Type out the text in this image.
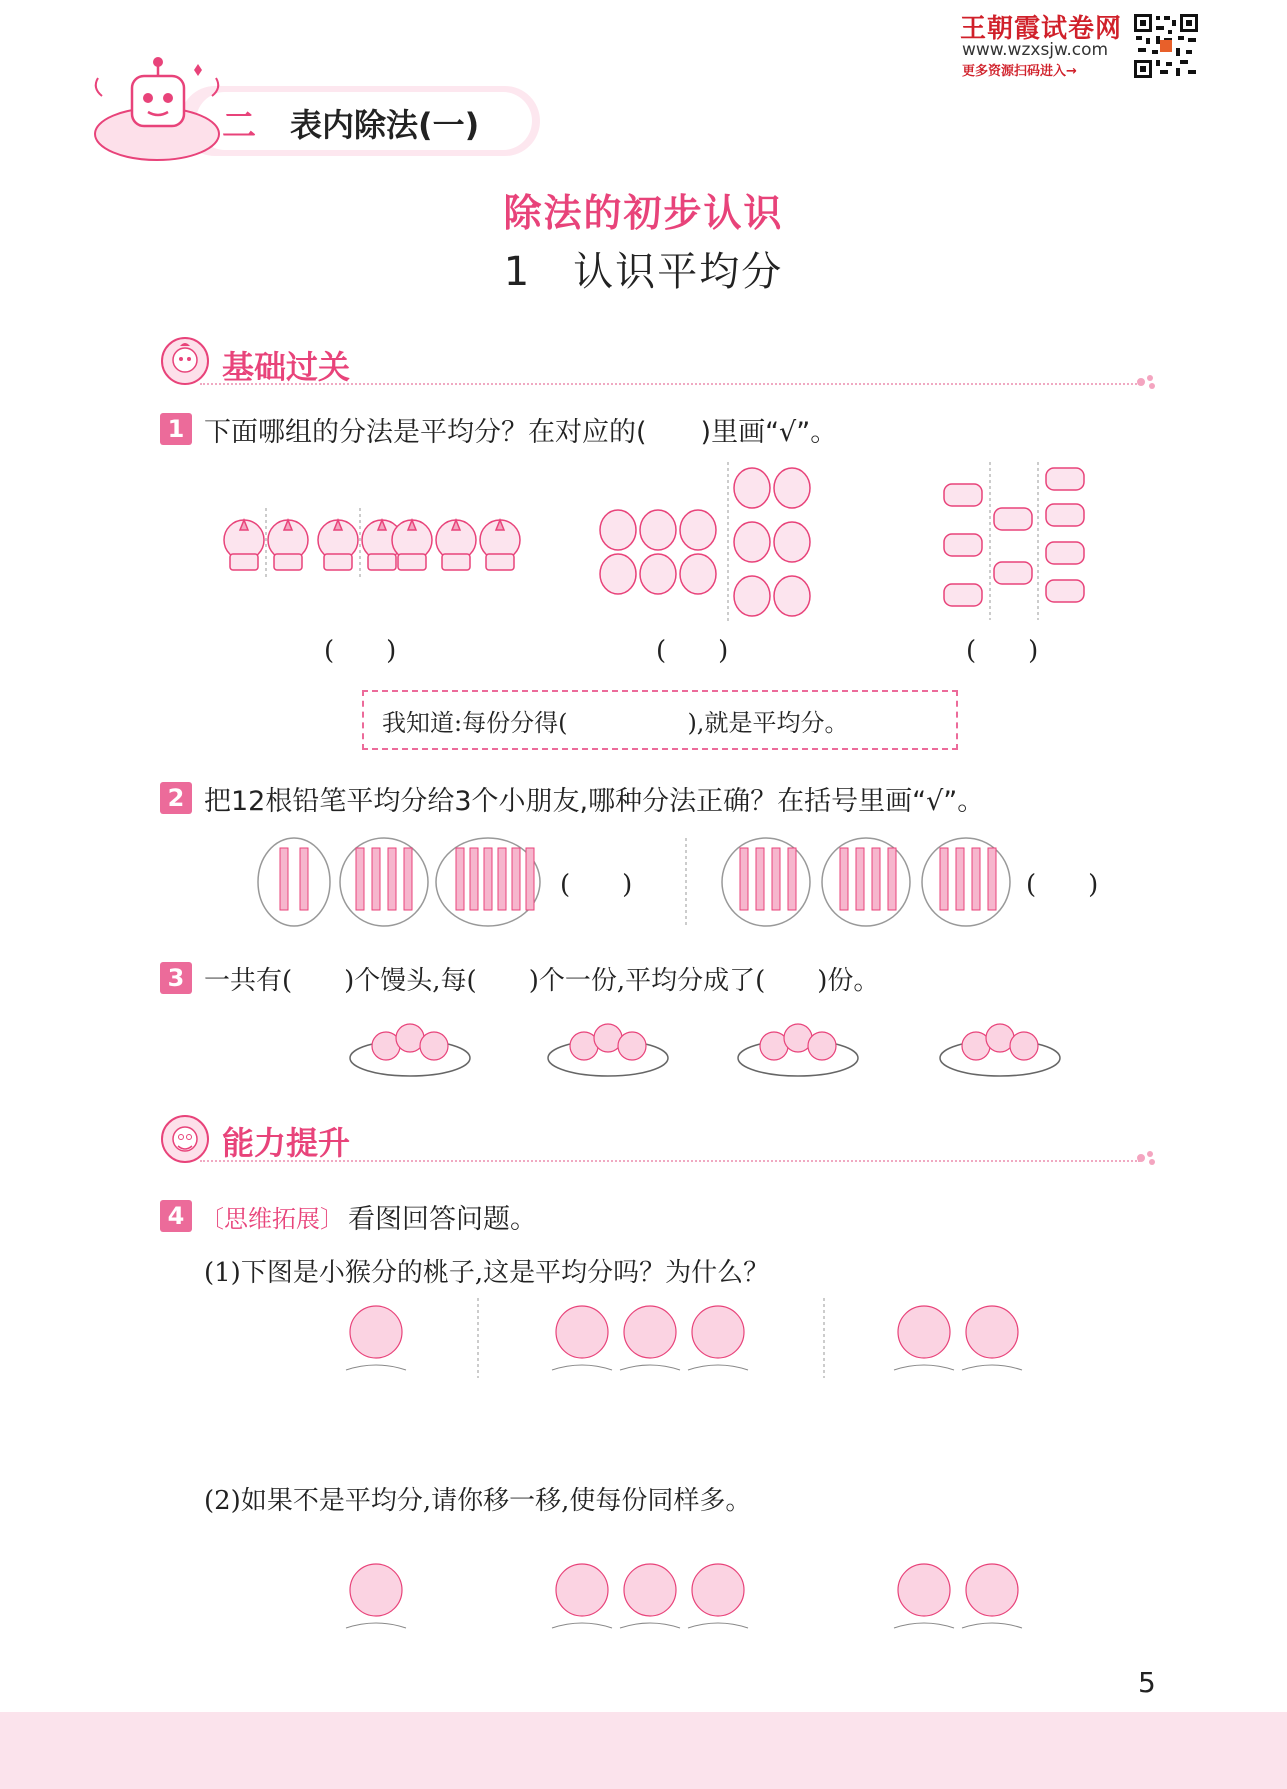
王朝霞试卷网
www.wzxsjw.com
更多资源扫码进入→
二 表内除法(一)
除法的初步认识
1　认识平均分
基础过关
1 下面哪组的分法是平均分？在对应的(　　)里画“√”。
(　　)	(　　)	(　　)
我知道:每份分得(　　　　　),就是平均分。
2 把12根铅笔平均分给3个小朋友,哪种分法正确？在括号里画“√”。
(　　)	(　　)
3 一共有(　　)个馒头,每(　　)个一份,平均分成了(　　)份。
能力提升
4 〔思维拓展〕 看图回答问题。
(1)下图是小猴分的桃子,这是平均分吗？为什么？
(2)如果不是平均分,请你移一移,使每份同样多。
5
